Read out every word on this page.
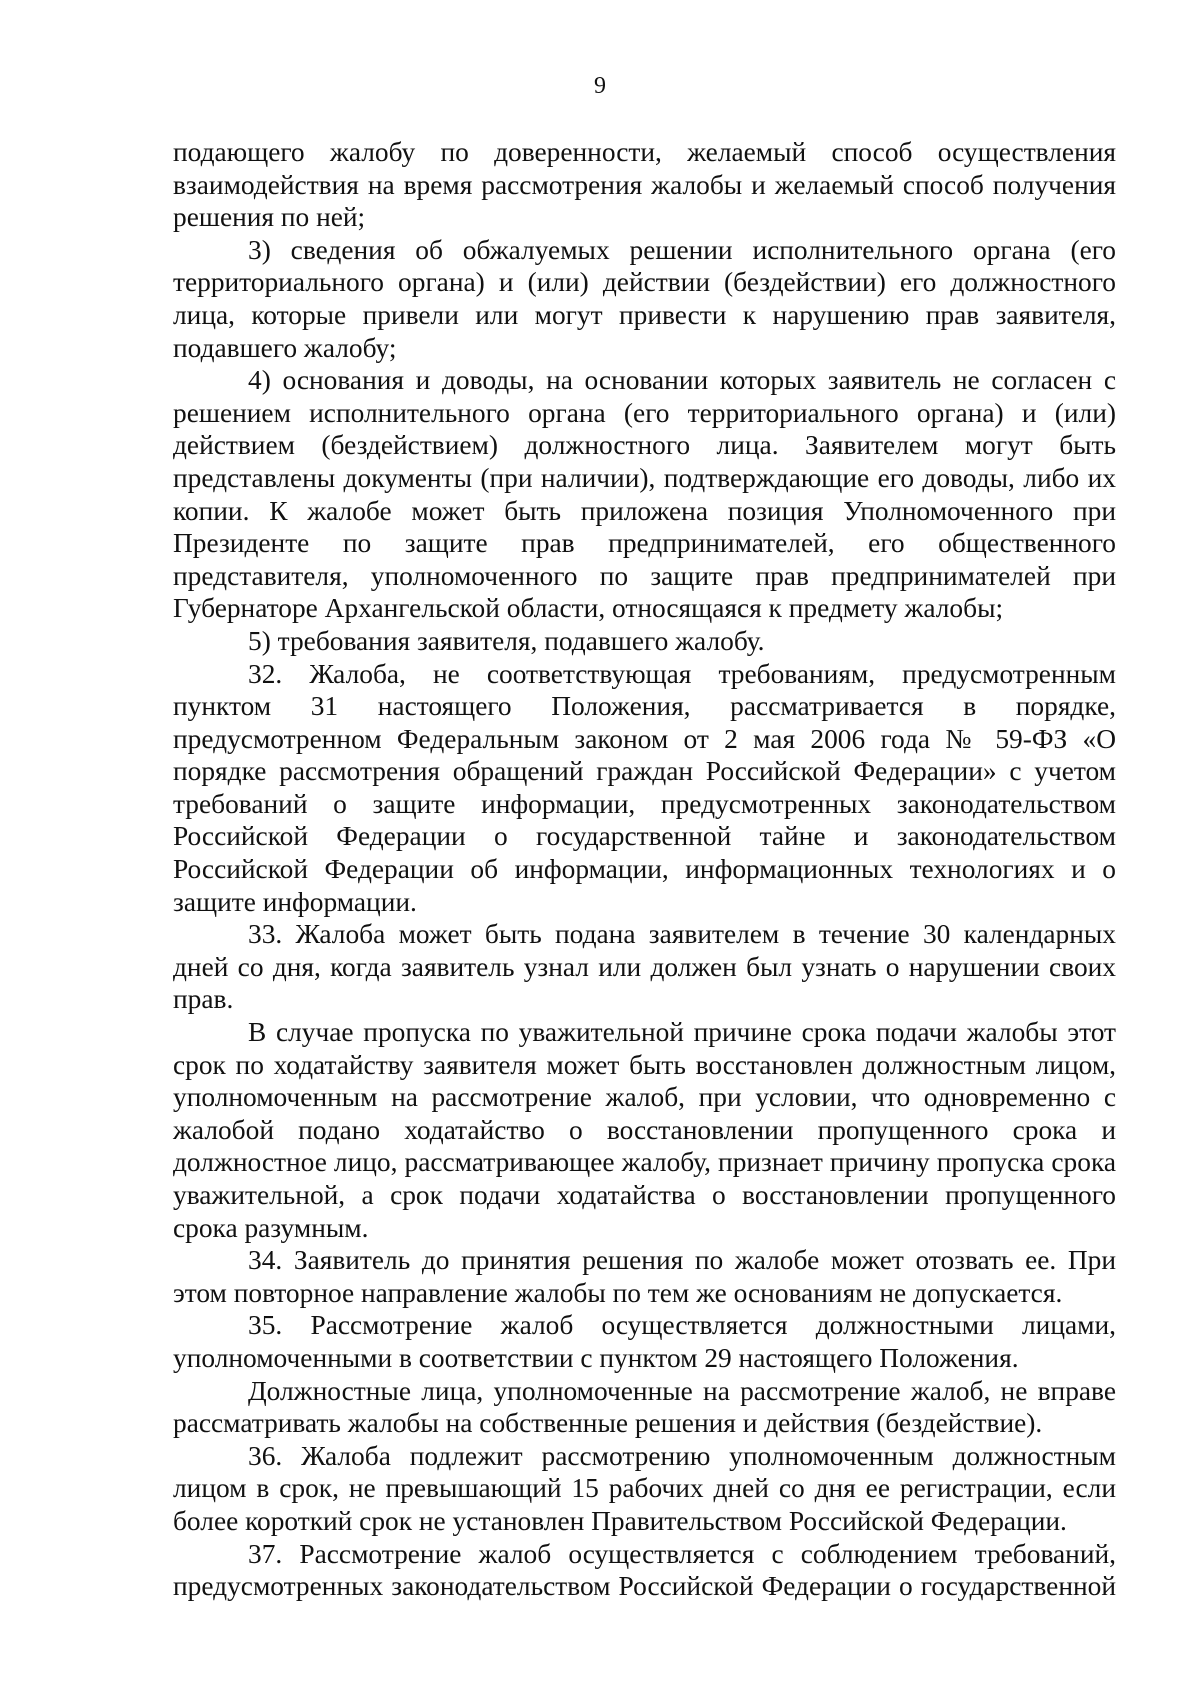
9

подающего жалобу по доверенности, желаемый способ осуществления взаимодействия на время рассмотрения жалобы и желаемый способ получения решения по ней;

3) сведения об обжалуемых решении исполнительного органа (его территориального органа) и (или) действии (бездействии) его должностного лица, которые привели или могут привести к нарушению прав заявителя, подавшего жалобу;

4) основания и доводы, на основании которых заявитель не согласен с решением исполнительного органа (его территориального органа) и (или) действием (бездействием) должностного лица. Заявителем могут быть представлены документы (при наличии), подтверждающие его доводы, либо их копии. К жалобе может быть приложена позиция Уполномоченного при Президенте по защите прав предпринимателей, его общественного представителя, уполномоченного по защите прав предпринимателей при Губернаторе Архангельской области, относящаяся к предмету жалобы;

5) требования заявителя, подавшего жалобу.

32. Жалоба, не соответствующая требованиям, предусмотренным пунктом 31 настоящего Положения, рассматривается в порядке, предусмотренном Федеральным законом от 2 мая 2006 года № 59-ФЗ «О порядке рассмотрения обращений граждан Российской Федерации» с учетом требований о защите информации, предусмотренных законодательством Российской Федерации о государственной тайне и законодательством Российской Федерации об информации, информационных технологиях и о защите информации.

33. Жалоба может быть подана заявителем в течение 30 календарных дней со дня, когда заявитель узнал или должен был узнать о нарушении своих прав.

В случае пропуска по уважительной причине срока подачи жалобы этот срок по ходатайству заявителя может быть восстановлен должностным лицом, уполномоченным на рассмотрение жалоб, при условии, что одновременно с жалобой подано ходатайство о восстановлении пропущенного срока и должностное лицо, рассматривающее жалобу, признает причину пропуска срока уважительной, а срок подачи ходатайства о восстановлении пропущенного срока разумным.

34. Заявитель до принятия решения по жалобе может отозвать ее. При этом повторное направление жалобы по тем же основаниям не допускается.

35. Рассмотрение жалоб осуществляется должностными лицами, уполномоченными в соответствии с пунктом 29 настоящего Положения.

Должностные лица, уполномоченные на рассмотрение жалоб, не вправе рассматривать жалобы на собственные решения и действия (бездействие).

36. Жалоба подлежит рассмотрению уполномоченным должностным лицом в срок, не превышающий 15 рабочих дней со дня ее регистрации, если более короткий срок не установлен Правительством Российской Федерации.

37. Рассмотрение жалоб осуществляется с соблюдением требований, предусмотренных законодательством Российской Федерации о государственной
